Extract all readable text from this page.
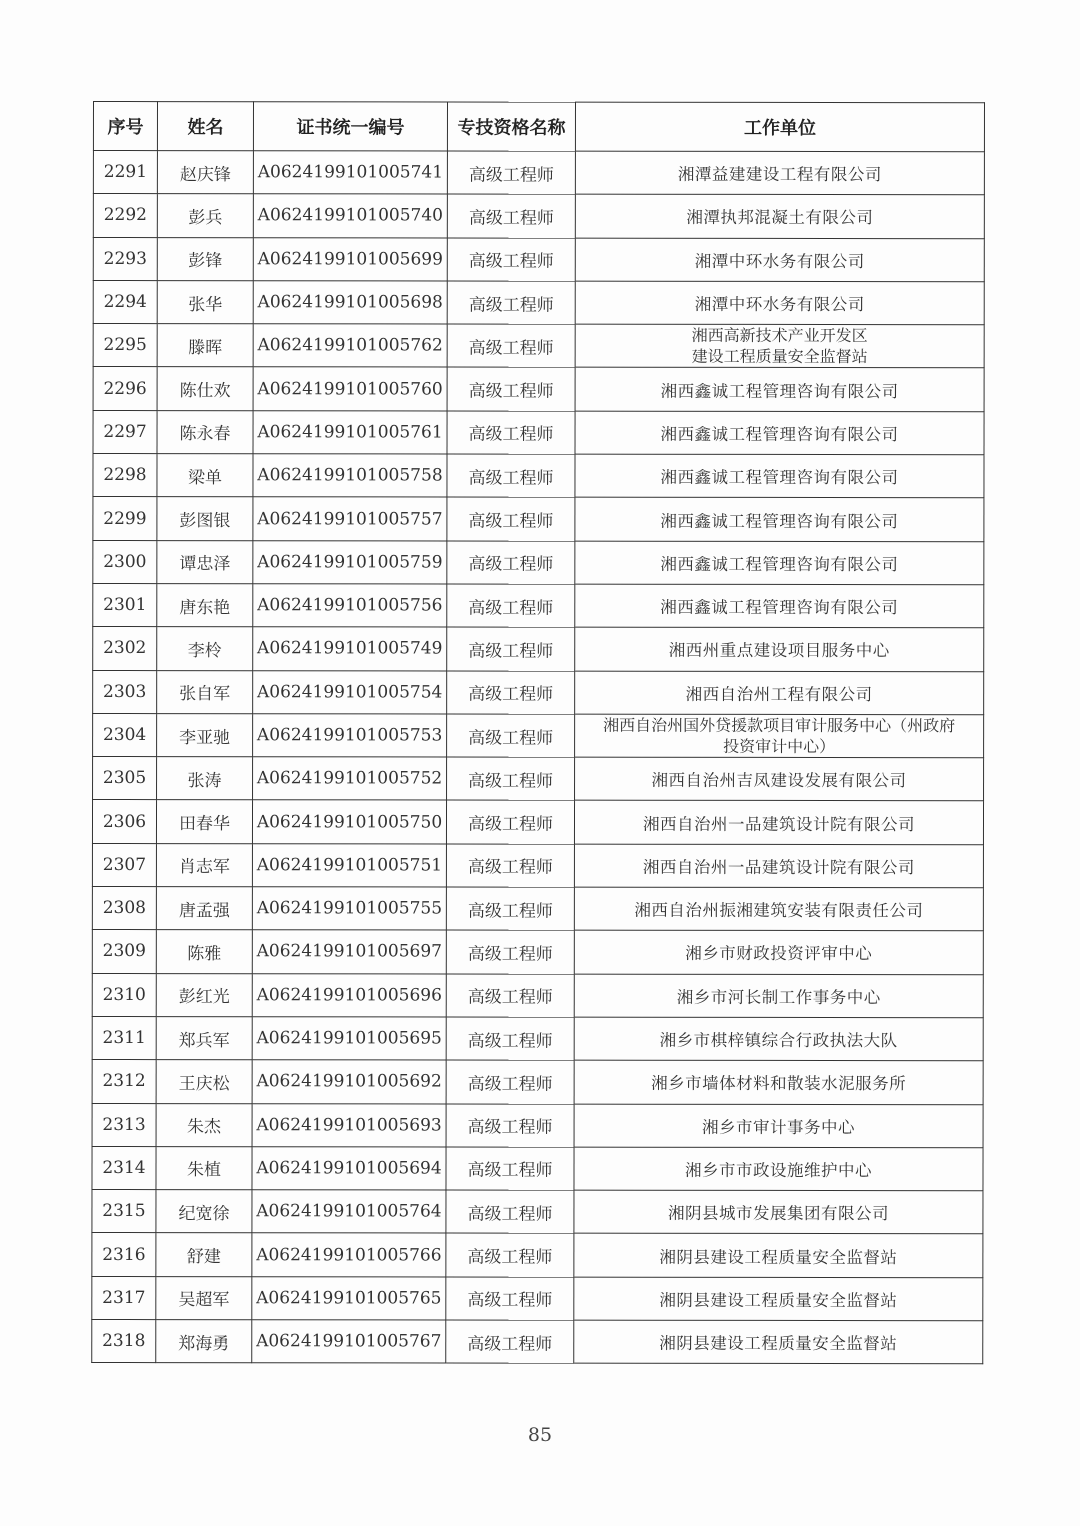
序号	姓名	证书统一编号	专技资格名称	工作单位
2291	赵庆锋	A0624199101005741	高级工程师	湘潭益建建设工程有限公司
2292	彭兵	A0624199101005740	高级工程师	湘潭执邦混凝土有限公司
2293	彭锋	A0624199101005699	高级工程师	湘潭中环水务有限公司
2294	张华	A0624199101005698	高级工程师	湘潭中环水务有限公司
2295	滕晖	A0624199101005762	高级工程师	湘西高新技术产业开发区
建设工程质量安全监督站
2296	陈仕欢	A0624199101005760	高级工程师	湘西鑫诚工程管理咨询有限公司
2297	陈永春	A0624199101005761	高级工程师	湘西鑫诚工程管理咨询有限公司
2298	梁单	A0624199101005758	高级工程师	湘西鑫诚工程管理咨询有限公司
2299	彭图银	A0624199101005757	高级工程师	湘西鑫诚工程管理咨询有限公司
2300	谭忠泽	A0624199101005759	高级工程师	湘西鑫诚工程管理咨询有限公司
2301	唐东艳	A0624199101005756	高级工程师	湘西鑫诚工程管理咨询有限公司
2302	李柃	A0624199101005749	高级工程师	湘西州重点建设项目服务中心
2303	张自军	A0624199101005754	高级工程师	湘西自治州工程有限公司
2304	李亚驰	A0624199101005753	高级工程师	湘西自治州国外贷援款项目审计服务中心（州政府
投资审计中心）
2305	张涛	A0624199101005752	高级工程师	湘西自治州吉凤建设发展有限公司
2306	田春华	A0624199101005750	高级工程师	湘西自治州一品建筑设计院有限公司
2307	肖志军	A0624199101005751	高级工程师	湘西自治州一品建筑设计院有限公司
2308	唐孟强	A0624199101005755	高级工程师	湘西自治州振湘建筑安装有限责任公司
2309	陈雅	A0624199101005697	高级工程师	湘乡市财政投资评审中心
2310	彭红光	A0624199101005696	高级工程师	湘乡市河长制工作事务中心
2311	郑兵军	A0624199101005695	高级工程师	湘乡市棋梓镇综合行政执法大队
2312	王庆松	A0624199101005692	高级工程师	湘乡市墙体材料和散装水泥服务所
2313	朱杰	A0624199101005693	高级工程师	湘乡市审计事务中心
2314	朱植	A0624199101005694	高级工程师	湘乡市市政设施维护中心
2315	纪宽徐	A0624199101005764	高级工程师	湘阴县城市发展集团有限公司
2316	舒建	A0624199101005766	高级工程师	湘阴县建设工程质量安全监督站
2317	吴超军	A0624199101005765	高级工程师	湘阴县建设工程质量安全监督站
2318	郑海勇	A0624199101005767	高级工程师	湘阴县建设工程质量安全监督站
85
